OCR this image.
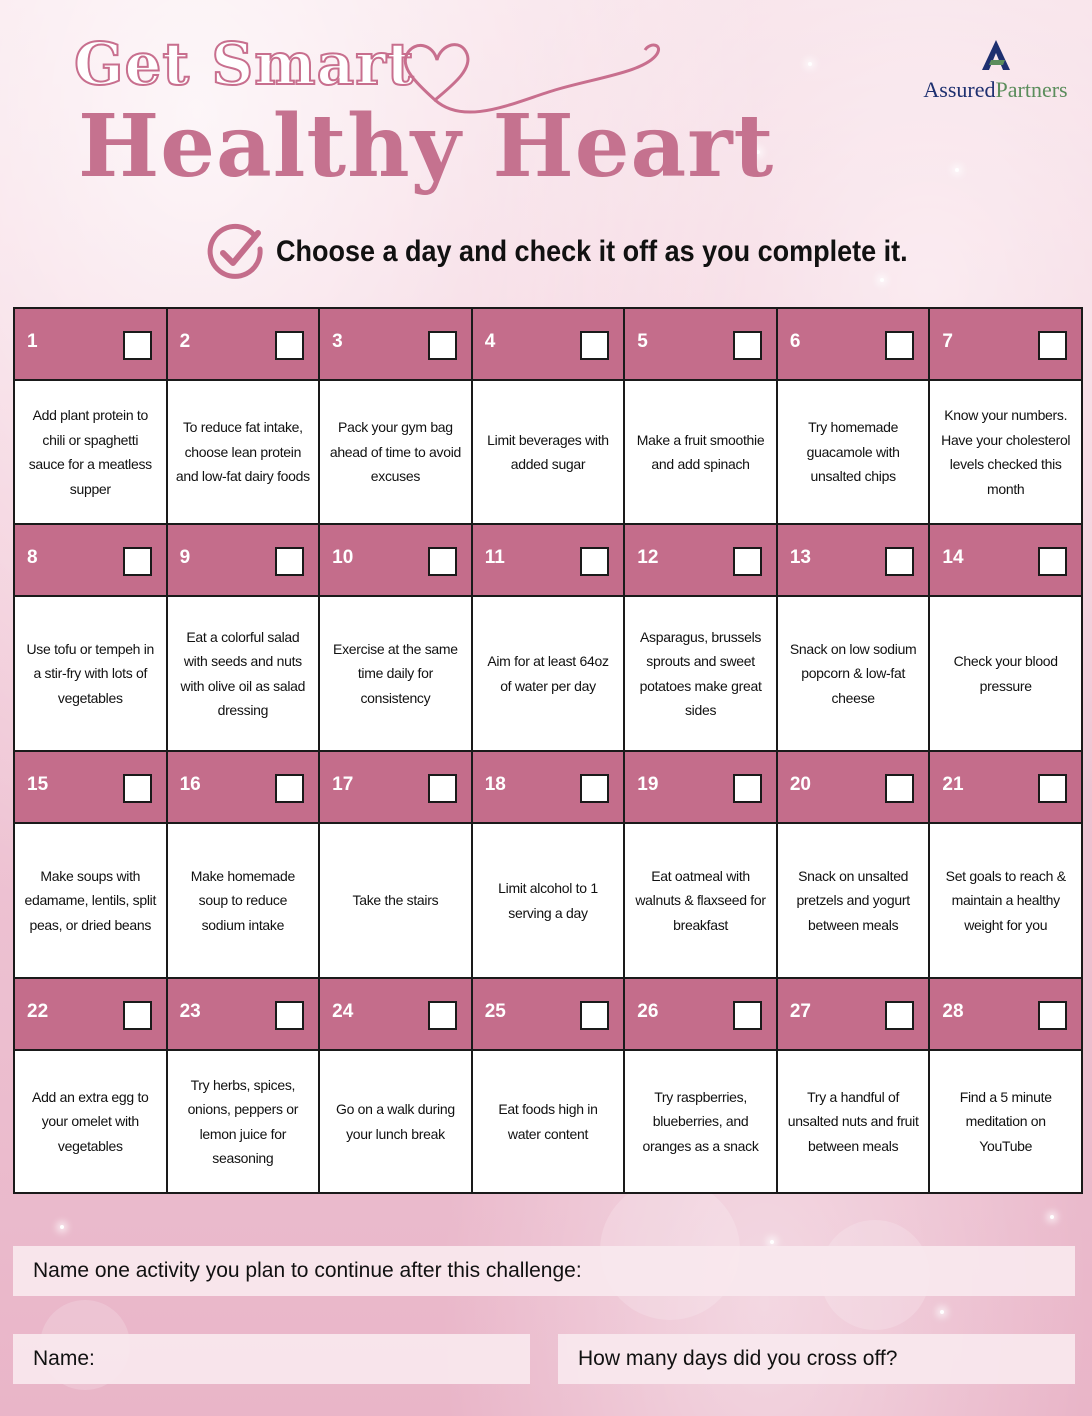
Get Smart
Healthy Heart
AssuredPartners
Choose a day and check it off as you complete it.
1
Add plant protein to chili or spaghetti sauce for a meatless supper
2
To reduce fat intake, choose lean protein and low-fat dairy foods
3
Pack your gym bag ahead of time to avoid excuses
4
Limit beverages with added sugar
5
Make a fruit smoothie and add spinach
6
Try homemade guacamole with unsalted chips
7
Know your numbers. Have your cholesterol levels checked this month
8
Use tofu or tempeh in a stir-fry with lots of vegetables
9
Eat a colorful salad with seeds and nuts with olive oil as salad dressing
10
Exercise at the same time daily for consistency
11
Aim for at least 64oz of water per day
12
Asparagus, brussels sprouts and sweet potatoes make great sides
13
Snack on low sodium popcorn & low-fat cheese
14
Check your blood pressure
15
Make soups with edamame, lentils, split peas, or dried beans
16
Make homemade soup to reduce sodium intake
17
Take the stairs
18
Limit alcohol to 1 serving a day
19
Eat oatmeal with walnuts & flaxseed for breakfast
20
Snack on unsalted pretzels and yogurt between meals
21
Set goals to reach & maintain a healthy weight for you
22
Add an extra egg to your omelet with vegetables
23
Try herbs, spices, onions, peppers or lemon juice for seasoning
24
Go on a walk during your lunch break
25
Eat foods high in water content
26
Try raspberries, blueberries, and oranges as a snack
27
Try a handful of unsalted nuts and fruit between meals
28
Find a 5 minute meditation on YouTube
Name one activity you plan to continue after this challenge:
Name:	How many days did you cross off?
